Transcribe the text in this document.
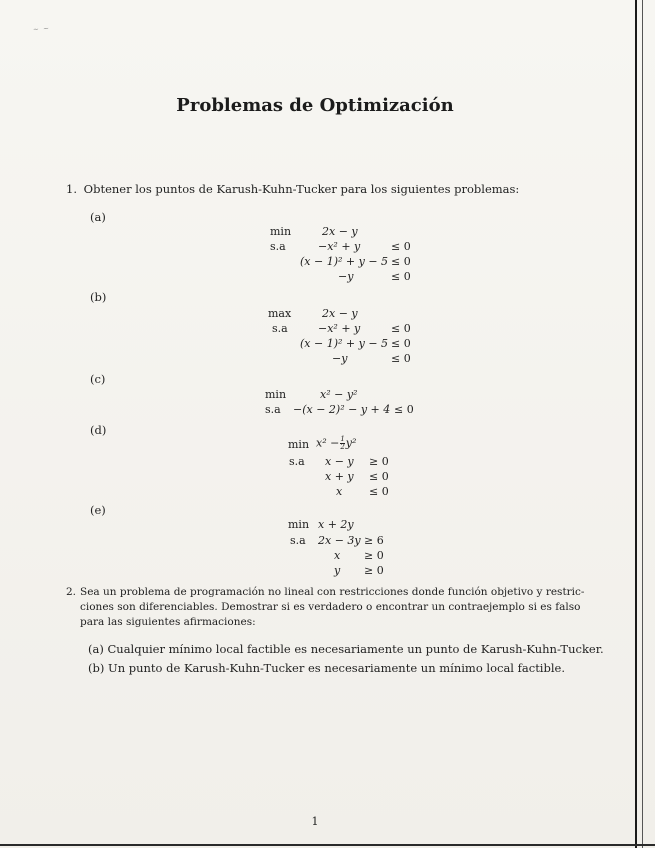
~ ~
Problemas de Optimización
1. Obtener los puntos de Karush-Kuhn-Tucker para los siguientes problemas:
(a)
min	2x − y
s.a	−x² + y	≤ 0
(x − 1)² + y − 5 ≤ 0
−y	≤ 0
(b)
max	2x − y
s.a	−x² + y	≤ 0
(x − 1)² + y − 5 ≤ 0
−y	≤ 0
(c)
min	x² − y²
s.a −(x − 2)² − y + 4 ≤ 0
(d)
$\min x^2 - \frac{1}{2} y^2$
s.a x − y ≥ 0
x + y ≤ 0
x ≤ 0
(e)
min x + 2y
s.a 2x − 3y ≥ 6
x ≥ 0
y ≥ 0
2. Sea un problema de programación no lineal con restricciones donde función objetivo y restric-
ciones son diferenciables. Demostrar si es verdadero o encontrar un contraejemplo si es falso
para las siguientes afirmaciones:
(a) Cualquier mínimo local factible es necesariamente un punto de Karush-Kuhn-Tucker.
(b) Un punto de Karush-Kuhn-Tucker es necesariamente un mínimo local factible.
1
